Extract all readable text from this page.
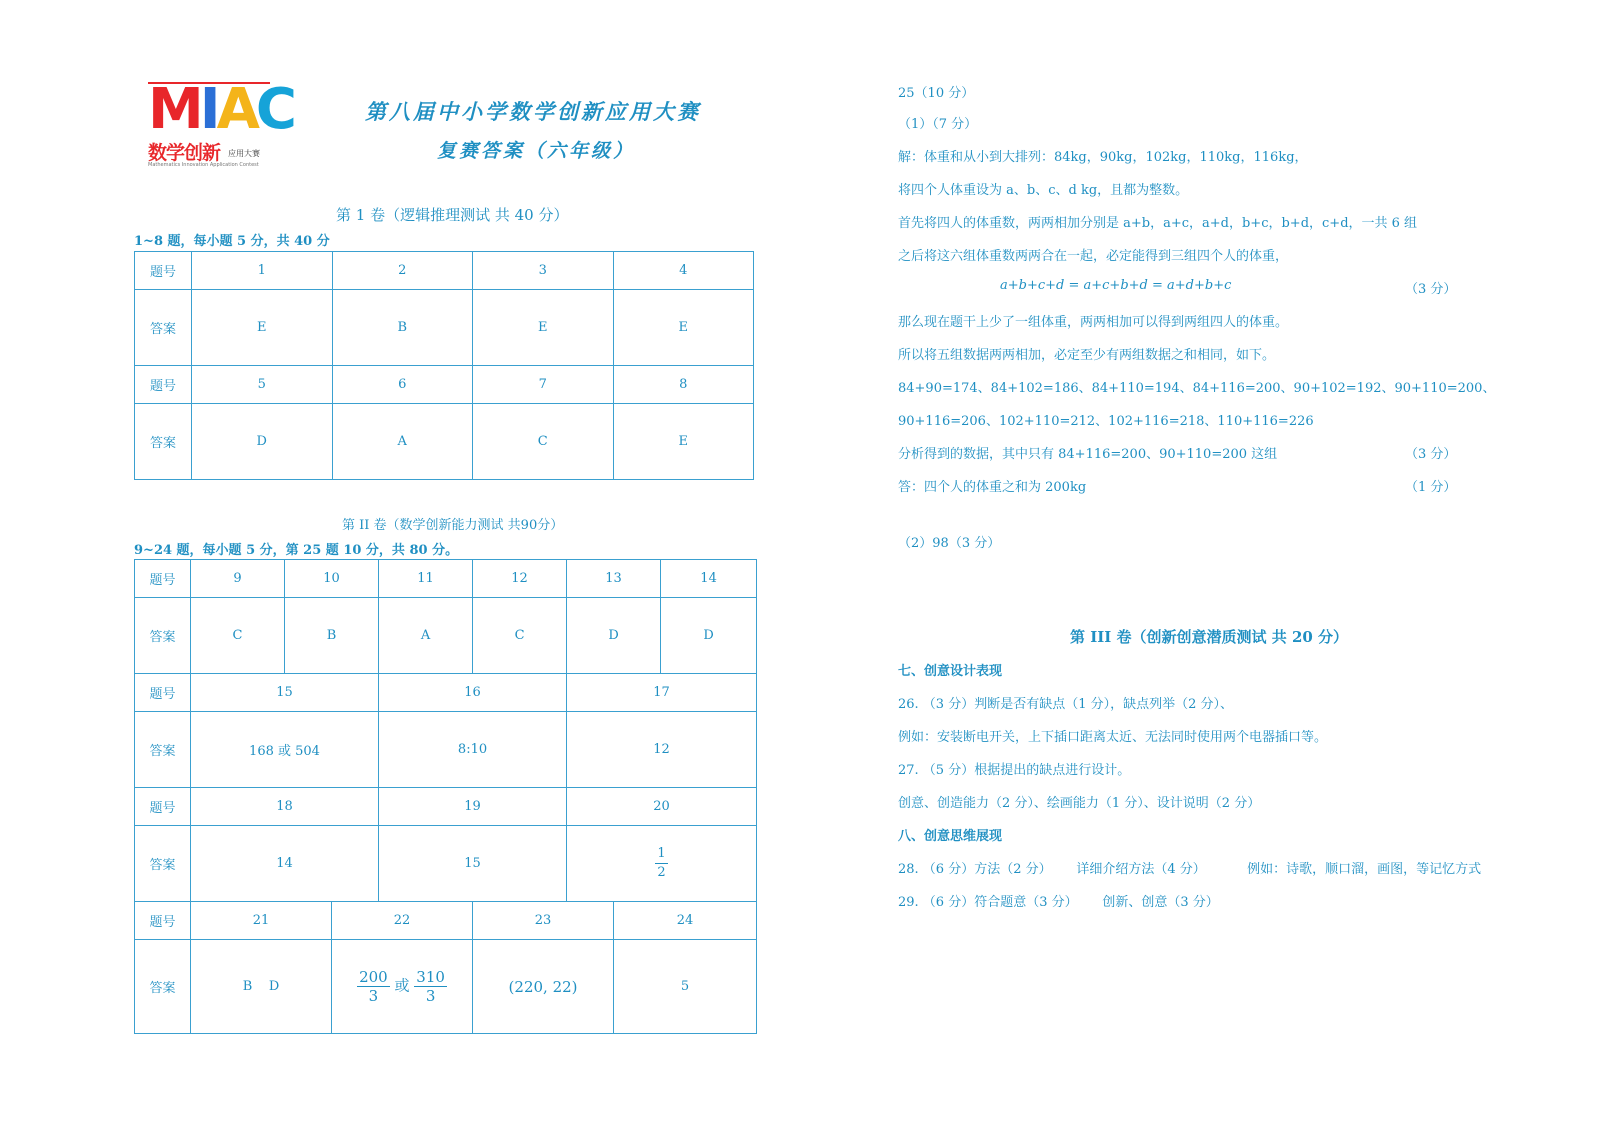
MIAC
数学创新 应用大赛
Mathematics Innovation Application Contest
第八届中小学数学创新应用大赛
复赛答案（六年级）
第 1 卷（逻辑推理测试 共 40 分）
1~8 题，每小题 5 分，共 40 分
题号	1	2	3	4
答案	E	B	E	E
题号	5	6	7	8
答案	D	A	C	E
第 II 卷（数学创新能力测试 共90分）
9~24 题，每小题 5 分，第 25 题 10 分，共 80 分。
题号	9	10		11	12	13		14
答案	C	B		A	C	D		D
题号	15			16		17		
答案	168 或 504			8:10		12		
题号	18			19		20		
答案	14			15		$\frac{1}{2}$

题号	21		22		23		24	
答案	B    D		$\frac{200}{3}$ 或 $\frac{310}{3}$		(220, 22)		5	
25（10 分）
（1）（7 分）
解：体重和从小到大排列：84kg，90kg，102kg，110kg，116kg，
将四个人体重设为 a、b、c、d kg，且都为整数。
首先将四人的体重数，两两相加分别是 a+b，a+c，a+d，b+c，b+d，c+d，一共 6 组
之后将这六组体重数两两合在一起，必定能得到三组四个人的体重，
a+b+c+d = a+c+b+d = a+d+b+c	（3 分）
那么现在题干上少了一组体重，两两相加可以得到两组四人的体重。
所以将五组数据两两相加，必定至少有两组数据之和相同，如下。
84+90=174、84+102=186、84+110=194、84+116=200、90+102=192、90+110=200、
90+116=206、102+110=212、102+116=218、110+116=226
分析得到的数据，其中只有 84+116=200、90+110=200 这组	（3 分）
答：四个人的体重之和为 200kg	（1 分）
（2）98（3 分）
第 III 卷（创新创意潜质测试 共 20 分）
七、创意设计表现
26. （3 分）判断是否有缺点（1 分），缺点列举（2 分）、
例如：安装断电开关，上下插口距离太近、无法同时使用两个电器插口等。
27. （5 分）根据提出的缺点进行设计。
创意、创造能力（2 分）、绘画能力（1 分）、设计说明（2 分）
八、创意思维展现
28. （6 分）方法（2 分）      详细介绍方法（4 分）          例如：诗歌，顺口溜，画图，等记忆方式
29. （6 分）符合题意（3 分）      创新、创意（3 分）
